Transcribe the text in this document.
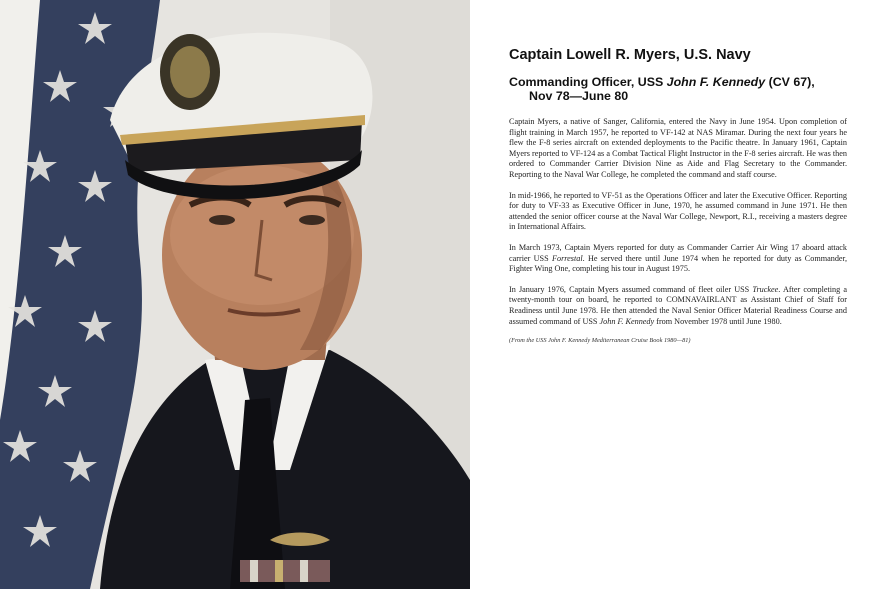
Captain Lowell R. Myers, U.S. Navy
Commanding Officer, USS John F. Kennedy (CV 67),
Nov 78—June 80

Captain Myers, a native of Sanger, California, entered the Navy in June 1954. Upon completion of flight training in March 1957, he reported to VF-142 at NAS Miramar. During the next four years he flew the F-8 series aircraft on extended deployments to the Pacific theatre. In January 1961, Captain Myers reported to VF-124 as a Combat Tactical Flight Instructor in the F-8 series aircraft. He was then ordered to Commander Carrier Division Nine as Aide and Flag Secretary to the Commander. Reporting to the Naval War College, he completed the command and staff course.

In mid-1966, he reported to VF-51 as the Operations Officer and later the Executive Officer. Reporting for duty to VF-33 as Executive Officer in June, 1970, he assumed command in June 1971. He then attended the senior officer course at the Naval War College, Newport, R.I., receiving a masters degree in International Affairs.

In March 1973, Captain Myers reported for duty as Commander Carrier Air Wing 17 aboard attack carrier USS Forrestal. He served there until June 1974 when he reported for duty as Commander, Fighter Wing One, completing his tour in August 1975.

In January 1976, Captain Myers assumed command of fleet oiler USS Truckee. After completing a twenty-month tour on board, he reported to COMNAVAIRLANT as Assistant Chief of Staff for Readiness until June 1978. He then attended the Naval Senior Officer Material Readiness Course and assumed command of USS John F. Kennedy from November 1978 until June 1980.

(From the USS John F. Kennedy Mediterranean Cruise Book 1980—81)
